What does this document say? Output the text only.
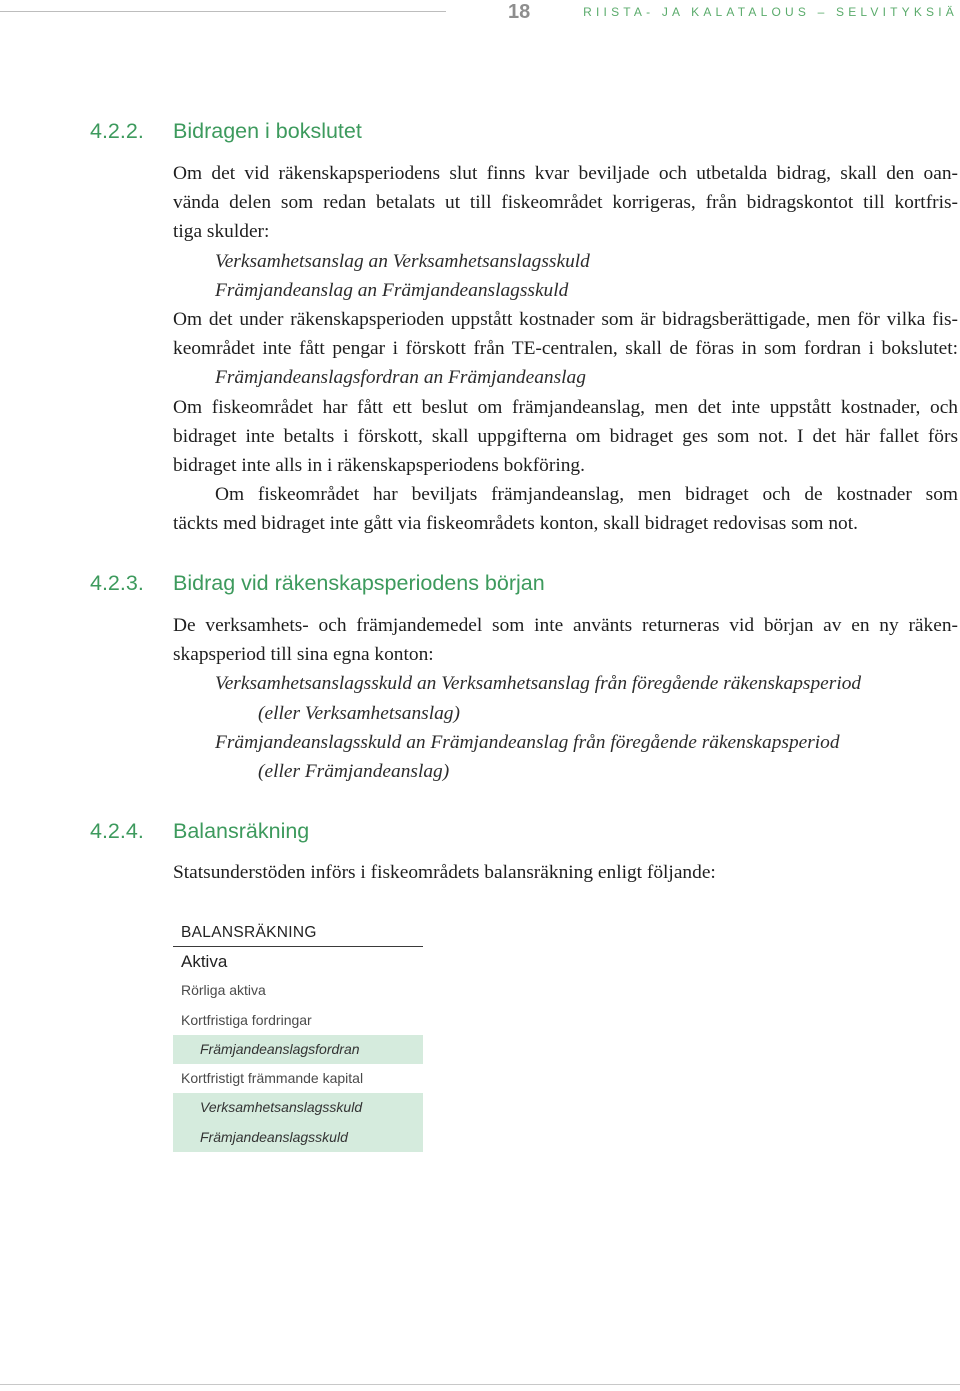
18	RIISTA- JA KALATALOUS – SELVITYKSIÄ
4.2.2. Bidragen i bokslutet
Om det vid räkenskapsperiodens slut finns kvar beviljade och utbetalda bidrag, skall den oan-
vända delen som redan betalats ut till fiskeområdet korrigeras, från bidragskontot till kortfris-
tiga skulder:
Verksamhetsanslag an Verksamhetsanslagsskuld
Främjandeanslag an Främjandeanslagsskuld
Om det under räkenskapsperioden uppstått kostnader som är bidragsberättigade, men för vilka fis-
keområdet inte fått pengar i förskott från TE-centralen, skall de föras in som fordran i bokslutet:
Främjandeanslagsfordran an Främjandeanslag
Om fiskeområdet har fått ett beslut om främjandeanslag, men det inte uppstått kostnader, och
bidraget inte betalts i förskott, skall uppgifterna om bidraget ges som not. I det här fallet förs
bidraget inte alls in i räkenskapsperiodens bokföring.
Om fiskeområdet har beviljats främjandeanslag, men bidraget och de kostnader som
täckts med bidraget inte gått via fiskeområdets konton, skall bidraget redovisas som not.
4.2.3. Bidrag vid räkenskapsperiodens början
De verksamhets- och främjandemedel som inte använts returneras vid början av en ny räken-
skapsperiod till sina egna konton:
Verksamhetsanslagsskuld an Verksamhetsanslag från föregående räkenskapsperiod
(eller Verksamhetsanslag)
Främjandeanslagsskuld an Främjandeanslag från föregående räkenskapsperiod
(eller Främjandeanslag)
4.2.4. Balansräkning
Statsunderstöden införs i fiskeområdets balansräkning enligt följande:
BALANSRÄKNING
Aktiva
Rörliga aktiva
Kortfristiga fordringar
Främjandeanslagsfordran
Kortfristigt främmande kapital
Verksamhetsanslagsskuld
Främjandeanslagsskuld
